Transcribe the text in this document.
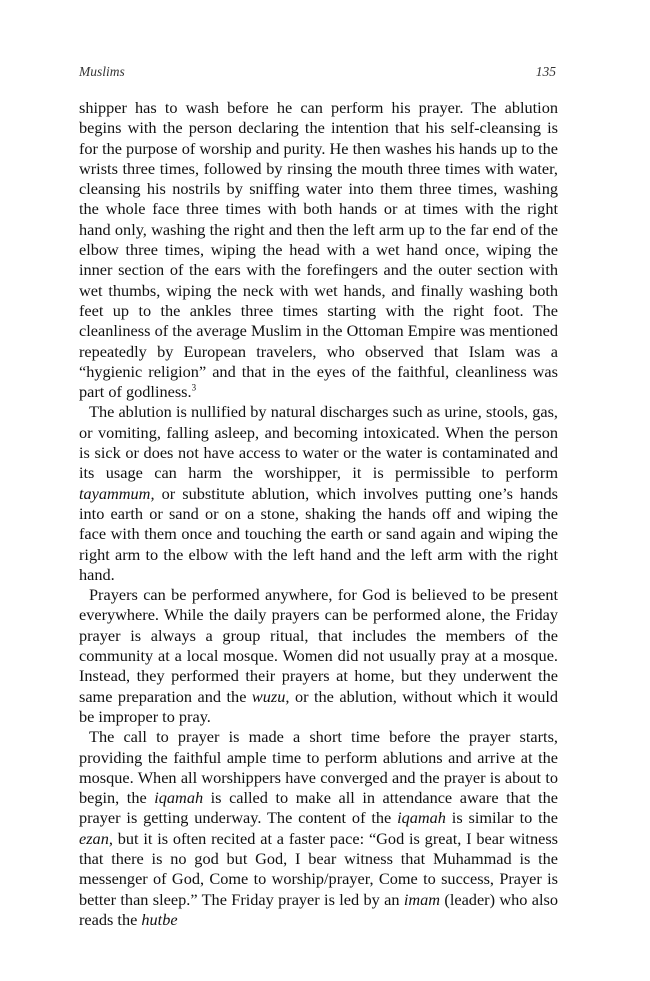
Muslims	135

shipper has to wash before he can perform his prayer. The ablution begins with the person declaring the intention that his self-cleansing is for the purpose of worship and purity. He then washes his hands up to the wrists three times, followed by rinsing the mouth three times with water, cleansing his nostrils by sniffing water into them three times, washing the whole face three times with both hands or at times with the right hand only, washing the right and then the left arm up to the far end of the elbow three times, wiping the head with a wet hand once, wiping the inner section of the ears with the forefingers and the outer section with wet thumbs, wiping the neck with wet hands, and finally washing both feet up to the ankles three times starting with the right foot. The cleanliness of the average Muslim in the Ottoman Empire was mentioned repeatedly by European travelers, who observed that Islam was a “hygienic religion” and that in the eyes of the faithful, cleanliness was part of godliness.$^3$

The ablution is nullified by natural discharges such as urine, stools, gas, or vomiting, falling asleep, and becoming intoxicated. When the person is sick or does not have access to water or the water is contaminated and its usage can harm the worshipper, it is permissible to perform tayammum, or substitute ablution, which involves putting one’s hands into earth or sand or on a stone, shaking the hands off and wiping the face with them once and touching the earth or sand again and wiping the right arm to the elbow with the left hand and the left arm with the right hand.

Prayers can be performed anywhere, for God is believed to be present everywhere. While the daily prayers can be performed alone, the Friday prayer is always a group ritual, that includes the members of the community at a local mosque. Women did not usually pray at a mosque. Instead, they performed their prayers at home, but they underwent the same preparation and the wuzu, or the ablution, without which it would be improper to pray.

The call to prayer is made a short time before the prayer starts, providing the faithful ample time to perform ablutions and arrive at the mosque. When all worshippers have converged and the prayer is about to begin, the iqamah is called to make all in attendance aware that the prayer is getting underway. The content of the iqamah is similar to the ezan, but it is often recited at a faster pace: “God is great, I bear witness that there is no god but God, I bear witness that Muhammad is the messenger of God, Come to worship/prayer, Come to success, Prayer is better than sleep.” The Friday prayer is led by an imam (leader) who also reads the hutbe
